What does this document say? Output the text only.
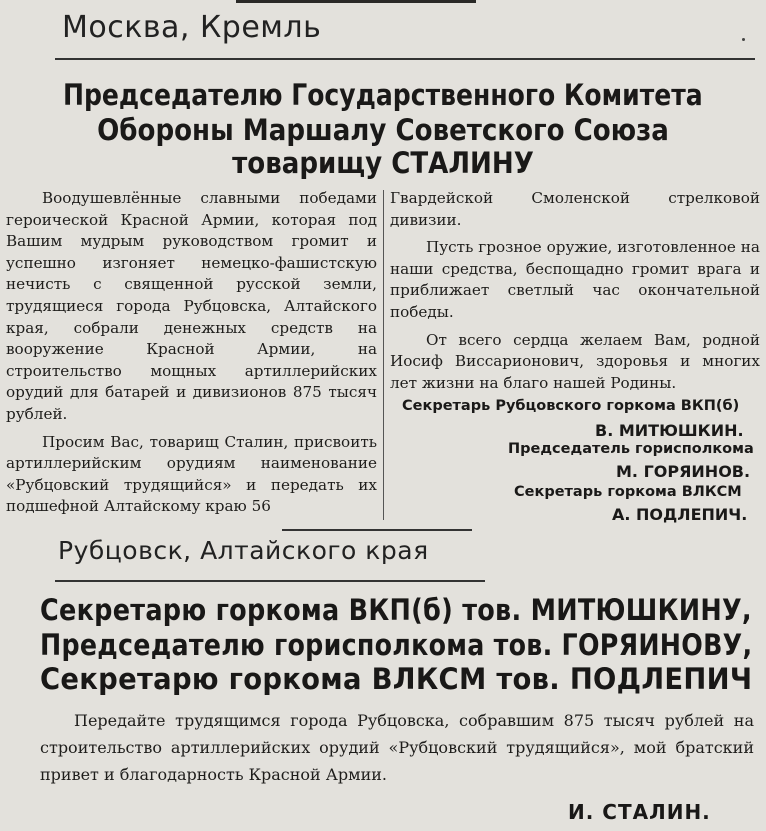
Москва, Кремль
Председателю Государственного Комитета
Обороны Маршалу Советского Союза
товарищу СТАЛИНУ

Воодушевлённые славными победами героической Красной Армии, которая под Вашим мудрым руководством громит и успешно изгоняет немецко-фашистскую нечисть с священной русской земли, трудящиеся города Рубцовска, Алтайского края, собрали денежных средств на вооружение Красной Армии, на строительство мощных артиллерийских орудий для батарей и дивизионов 875 тысяч рублей.

Просим Вас, товарищ Сталин, присвоить артиллерийским орудиям наименование «Рубцовский трудящийся» и передать их подшефной Алтайскому краю 56

Гвардейской Смоленской стрелковой дивизии.

Пусть грозное оружие, изготовленное на наши средства, беспощадно громит врага и приближает светлый час окончательной победы.

От всего сердца желаем Вам, родной Иосиф Виссарионович, здоровья и многих лет жизни на благо нашей Родины.

Секретарь Рубцовского горкома ВКП(б)
В. МИТЮШКИН.
Председатель горисполкома
М. ГОРЯИНОВ.
Секретарь горкома ВЛКСМ
А. ПОДЛЕПИЧ.
Рубцовск, Алтайского края
Секретарю горкома ВКП(б) тов. МИТЮШКИНУ,
Председателю горисполкома тов. ГОРЯИНОВУ,
Секретарю горкома ВЛКСМ тов. ПОДЛЕПИЧ

Передайте трудящимся города Рубцовска, собравшим 875 тысяч рублей на строительство артиллерийских орудий «Рубцовский трудящийся», мой братский привет и благодарность Красной Армии.

И. СТАЛИН.
